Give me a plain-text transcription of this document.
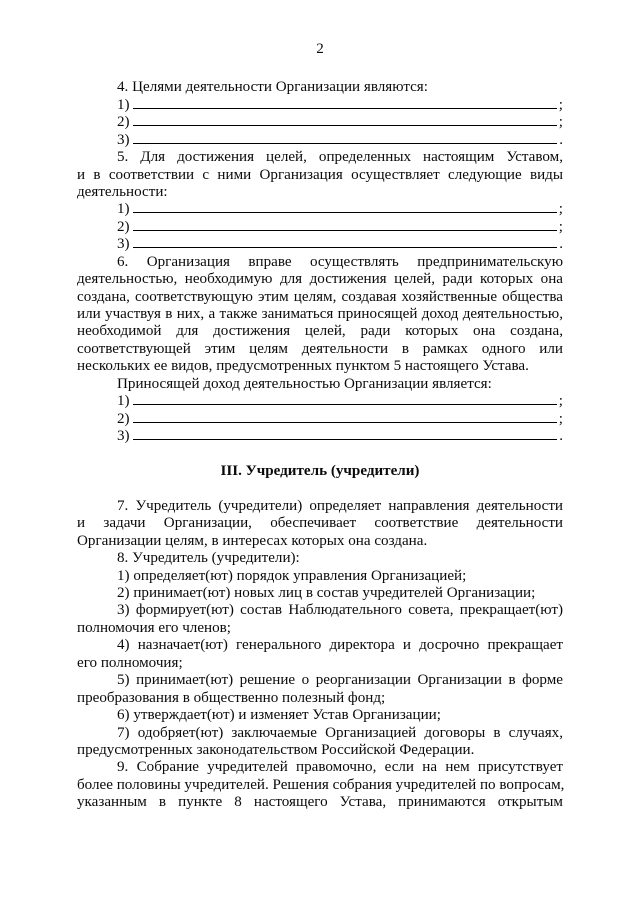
2
4. Целями деятельности Организации являются:
1)	;
2)	;
3)	.
5. Для достижения целей, определенных настоящим Уставом,
и в соответствии с ними Организация осуществляет следующие виды
деятельности:
1)	;
2)	;
3)	.
6. Организация вправе осуществлять предпринимательскую
деятельностью, необходимую для достижения целей, ради которых она
создана, соответствующую этим целям, создавая хозяйственные общества
или участвуя в них, а также заниматься приносящей доход деятельностью,
необходимой для достижения целей, ради которых она создана,
соответствующей этим целям деятельности в рамках одного или
нескольких ее видов, предусмотренных пунктом 5 настоящего Устава.
Приносящей доход деятельностью Организации является:
1)	;
2)	;
3)	.
III. Учредитель (учредители)
7. Учредитель (учредители) определяет направления деятельности
и задачи Организации, обеспечивает соответствие деятельности
Организации целям, в интересах которых она создана.
8. Учредитель (учредители):
1) определяет(ют) порядок управления Организацией;
2) принимает(ют) новых лиц в состав учредителей Организации;
3) формирует(ют) состав Наблюдательного совета, прекращает(ют)
полномочия его членов;
4) назначает(ют) генерального директора и досрочно прекращает
его полномочия;
5) принимает(ют) решение о реорганизации Организации в форме
преобразования в общественно полезный фонд;
6) утверждает(ют) и изменяет Устав Организации;
7) одобряет(ют) заключаемые Организацией договоры в случаях,
предусмотренных законодательством Российской Федерации.
9. Собрание учредителей правомочно, если на нем присутствует
более половины учредителей. Решения собрания учредителей по вопросам,
указанным в пункте 8 настоящего Устава, принимаются открытым
